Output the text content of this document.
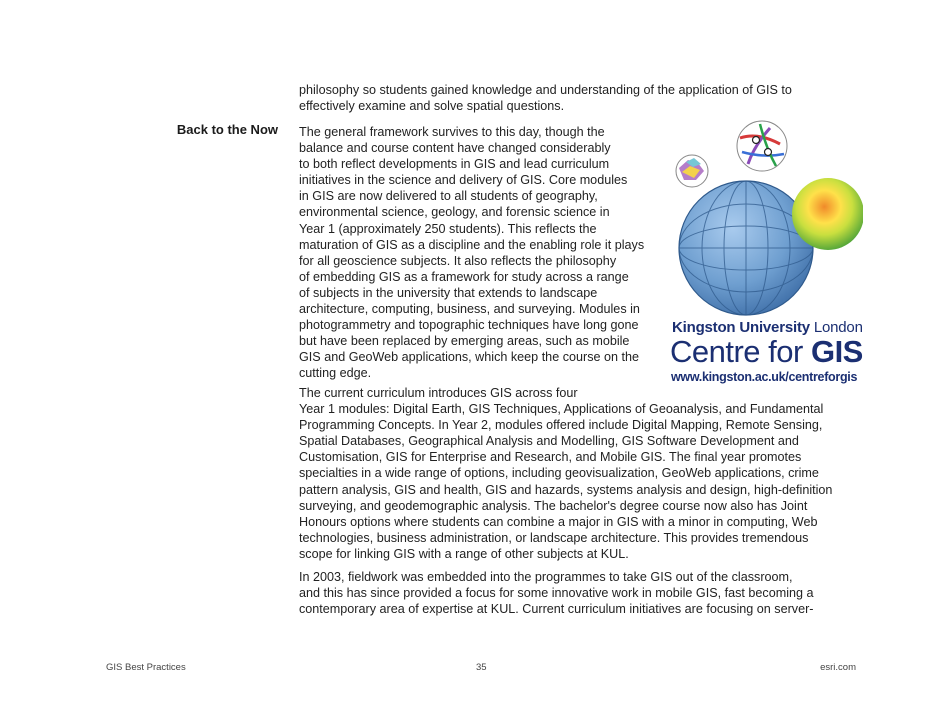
philosophy so students gained knowledge and understanding of the application of GIS to
effectively examine and solve spatial questions.
Back to the Now The general framework survives to this day, though the
balance and course content have changed considerably
to both reflect developments in GIS and lead curriculum
initiatives in the science and delivery of GIS. Core modules
in GIS are now delivered to all students of geography,
environmental science, geology, and forensic science in
Year 1 (approximately 250 students). This reflects the
maturation of GIS as a discipline and the enabling role it plays
for all geoscience subjects. It also reflects the philosophy
of embedding GIS as a framework for study across a range
of subjects in the university that extends to landscape
architecture, computing, business, and surveying. Modules in
photogrammetry and topographic techniques have long gone
but have been replaced by emerging areas, such as mobile
GIS and GeoWeb applications, which keep the course on the
cutting edge.
The current curriculum introduces GIS across four
Year 1 modules: Digital Earth, GIS Techniques, Applications of Geoanalysis, and Fundamental
Programming Concepts. In Year 2, modules offered include Digital Mapping, Remote Sensing,
Spatial Databases, Geographical Analysis and Modelling, GIS Software Development and
Customisation, GIS for Enterprise and Research, and Mobile GIS. The final year promotes
specialties in a wide range of options, including geovisualization, GeoWeb applications, crime
pattern analysis, GIS and health, GIS and hazards, systems analysis and design, high-definition
surveying, and geodemographic analysis. The bachelor's degree course now also has Joint
Honours options where students can combine a major in GIS with a minor in computing, Web
technologies, business administration, or landscape architecture. This provides tremendous
scope for linking GIS with a range of other subjects at KUL.
In 2003, fieldwork was embedded into the programmes to take GIS out of the classroom,
and this has since provided a focus for some innovative work in mobile GIS, fast becoming a
contemporary area of expertise at KUL. Current curriculum initiatives are focusing on server-
Kingston University London
Centre for GIS
www.kingston.ac.uk/centreforgis
GIS Best Practices	35	esri.com
